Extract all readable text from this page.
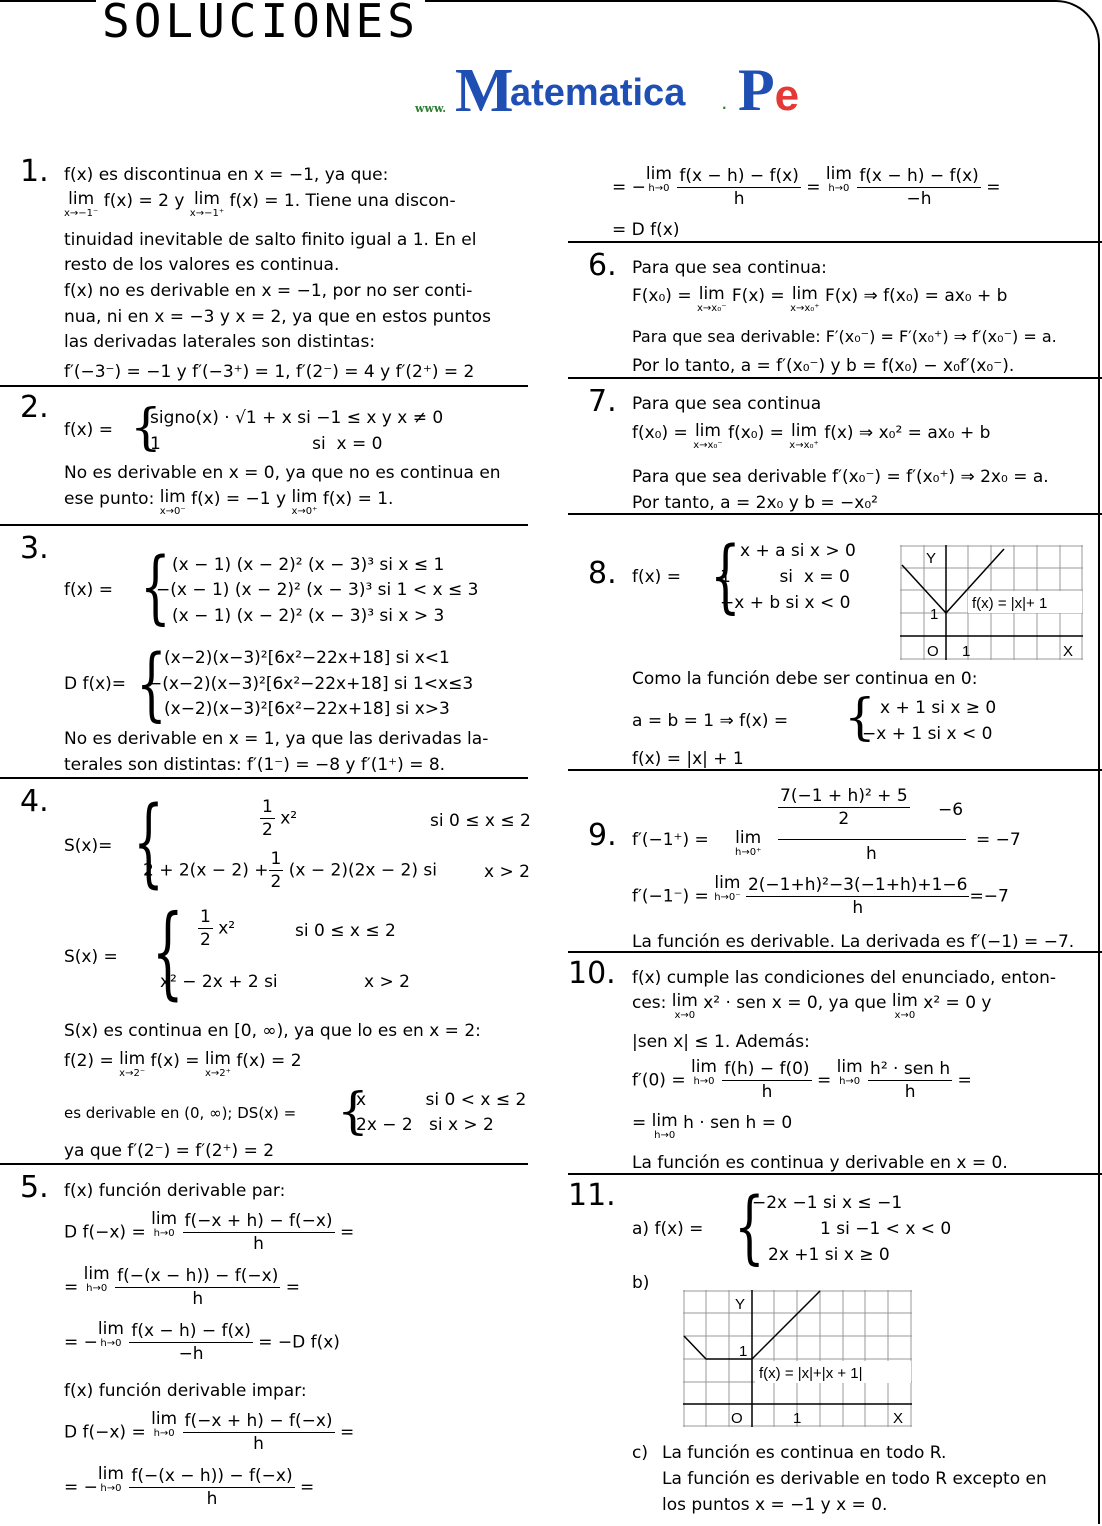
SOLUCIONES
www. M
atematica	. Pe
1. f(x) es discontinua en x = −1, ya que:
lim
x→−1⁻
f(x) = 2 y lim
x→−1⁺
f(x) = 1. Tiene una discon-
tinuidad inevitable de salto finito igual a 1. En el
resto de los valores es continua.
f(x) no es derivable en x = −1, por no ser conti-
nua, ni en x = −3 y x = 2, ya que en estos puntos
las derivadas laterales son distintas:
f′(−3⁻) = −1 y f′(−3⁺) = 1, f′(2⁻) = 4 y f′(2⁺) = 2
2.
f(x) = {
signo(x) · √1 + x si −1 ≤ x y x ≠ 0
1                            si  x = 0
No es derivable en x = 0, ya que no es continua en
ese punto: lim
x→0⁻
f(x) = −1 y lim
x→0⁺
f(x) = 1.
3.
f(x) = { (x − 1) (x − 2)² (x − 3)³ si x ≤ 1
−(x − 1) (x − 2)² (x − 3)³ si 1 < x ≤ 3
(x − 1) (x − 2)² (x − 3)³ si x > 3
D f(x)= {
(x−2)(x−3)²[6x²−22x+18] si x<1
−(x−2)(x−3)²[6x²−22x+18] si 1<x≤3
(x−2)(x−3)²[6x²−22x+18] si x>3
No es derivable en x = 1, ya que las derivadas la-
terales son distintas: f′(1⁻) = −8 y f′(1⁺) = 8.
4.
S(x)= {	$\frac{1}{2} x^2$	si 0 ≤ x ≤ 2
$2 + 2(x - 2) + \frac{1}{2} (x - 2)(2x - 2)$ si	x > 2
S(x) = { $\frac{1}{2} x^2$	si 0 ≤ x ≤ 2
x² − 2x + 2 si	x > 2
S(x) es continua en [0, ∞), ya que lo es en x = 2:
f(2) = lim
x→2⁻
f(x) = lim
x→2⁺
f(x) = 2
es derivable en (0, ∞); DS(x) = {
x           si 0 < x ≤ 2
2x − 2   si x > 2
ya que f′(2⁻) = f′(2⁺) = 2
5. f(x) función derivable par:
D f(−x) =
lim
h→0
$\frac{f(-x + h) - f(-x)}{h}$ =
=
lim
h→0
$\frac{f(-(x - h)) - f(-x)}{h}$ =
= −
lim
h→0
$\frac{f(x - h) - f(x)}{-h} = -D$ f(x)
f(x) función derivable impar:
D f(−x) =
lim
h→0
$\frac{f(-x + h) - f(-x)}{h}$ =
= −
lim
h→0
$\frac{f(-(x - h)) - f(-x)}{h}$ =
= −
lim
h→0
$\frac{f(x - h) - f(x)}{h}$ =
lim
h→0
$\frac{f(x - h) - f(x)}{-h}$ =
= D f(x)
6. Para que sea continua:
F(x₀) = lim
x→x₀⁻
F(x) = lim
x→x₀⁺
F(x) ⇒ f(x₀) = ax₀ + b
Para que sea derivable: F′(x₀⁻) = F′(x₀⁺) ⇒ f′(x₀⁻) = a.
Por lo tanto, a = f′(x₀⁻) y b = f(x₀) − x₀f′(x₀⁻).
7. Para que sea continua
f(x₀) = lim
x→x₀⁻
f(x₀) = lim
x→x₀⁺
f(x) ⇒ x₀² = ax₀ + b
Para que sea derivable f′(x₀⁻) = f′(x₀⁺) ⇒ 2x₀ = a.
Por tanto, a = 2x₀ y b = −x₀²
8. f(x) = { x + a si x > 0
1         si  x = 0
−x + b si x < 0	f(x) = |x|+ 1
Y
X
O 1
1
Como la función debe ser continua en 0:
a = b = 1 ⇒ f(x) = { x + 1 si x ≥ 0
−x + 1 si x < 0
f(x) = |x| + 1
9. f′(−1⁺) = lim
h→0⁺
$\frac{\text{7(−1 + h)² + 5}}{2} -6$
h
= −7
f′(−1⁻) =
lim
h→0⁻
$\frac{\text{2(−1+h)²−3(−1+h)+1−6}}{h} =-7$
La función es derivable. La derivada es f′(−1) = −7.
10. f(x) cumple las condiciones del enunciado, enton-
ces: lim
x→0
x² · sen x = 0, ya que lim
x→0
x² = 0 y
|sen x| ≤ 1. Además:
f′(0) =
lim
h→0
$\frac{f(h) - f(0)}{h}$ =
lim
h→0
$\frac{\text{h² · sen h}}{h}$ =
= lim
h→0
h · sen h = 0
La función es continua y derivable en x = 0.
11.
a) f(x) = {
−2x −1 si x ≤ −1
1 si −1 < x < 0
2x +1 si x ≥ 0
b)
f(x) = |x|+|x + 1|
Y
X
O	1
1
c) La función es continua en todo R.
La función es derivable en todo R excepto en
los puntos x = −1 y x = 0.
